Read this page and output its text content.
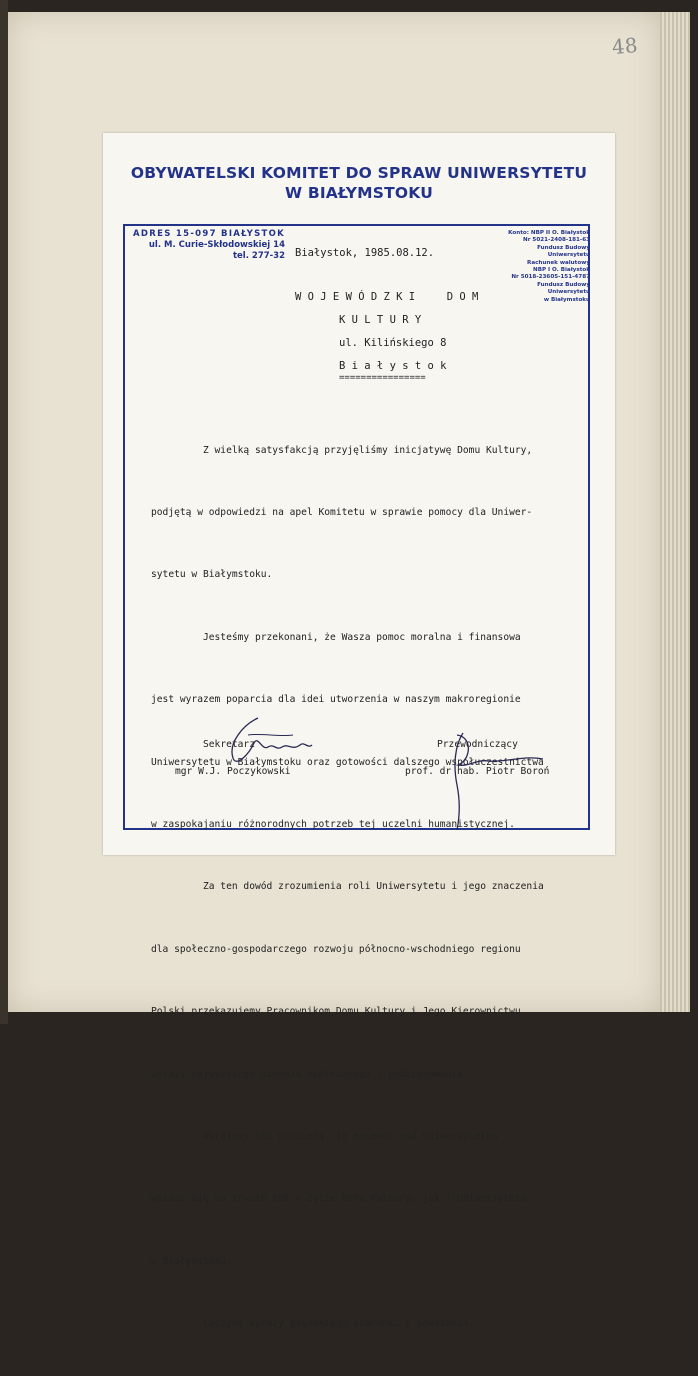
48
OBYWATELSKI KOMITET DO SPRAW UNIWERSYTETU
W BIAŁYMSTOKU
ADRES 15-097 BIAŁYSTOK
ul. M. Curie-Skłodowskiej 14
tel. 277-32
Konto: NBP II O. Białystok
Nr 5021-2408-181-63
Fundusz Budowy Uniwersytetu
Rachunek walutowy
NBP I O. Białystok
Nr 5018-23605-151-4787
Fundusz Budowy Uniwersytetu
w Białymstoku
Białystok, 1985.08.12.
W O J E W Ó D Z K I     D O M
K U L T U R Y
ul. Kilińskiego 8
B i a ł y s t o k
================

Z wielką satysfakcją przyjęliśmy inicjatywę Domu Kultury,

podjętą w odpowiedzi na apel Komitetu w sprawie pomocy dla Uniwer-

sytetu w Białymstoku.

Jesteśmy przekonani, że Wasza pomoc moralna i finansowa

jest wyrazem poparcia dla idei utworzenia w naszym makroregionie

Uniwersytetu w Białymstoku oraz gotowości dalszego współuczestnictwa

w zaspokajaniu różnorodnych potrzeb tej uczelni humanistycznej.

Za ten dowód zrozumienia roli Uniwersytetu i jego znaczenia

dla społeczno-gospodarczego rozwoju północno-wschodniego regionu

Polski przekazujemy Pracownikom Domu Kultury i Jego Kierownictwu

wyrazy najwyższego uznania społecznego i podziękowania.

Wyrażamy też nadzieję, że mecenat nad Uniwersytetem

wpisze się na trwałe tak w życie Domu Kultury, jak i Uniwersytetu

w Białymstoku.

Łączymy wyrazy głębokiego szacunku i poważania.

Sekretarz
mgr W.J. Poczykowski
Przewodniczący
prof. dr hab. Piotr Boroń
